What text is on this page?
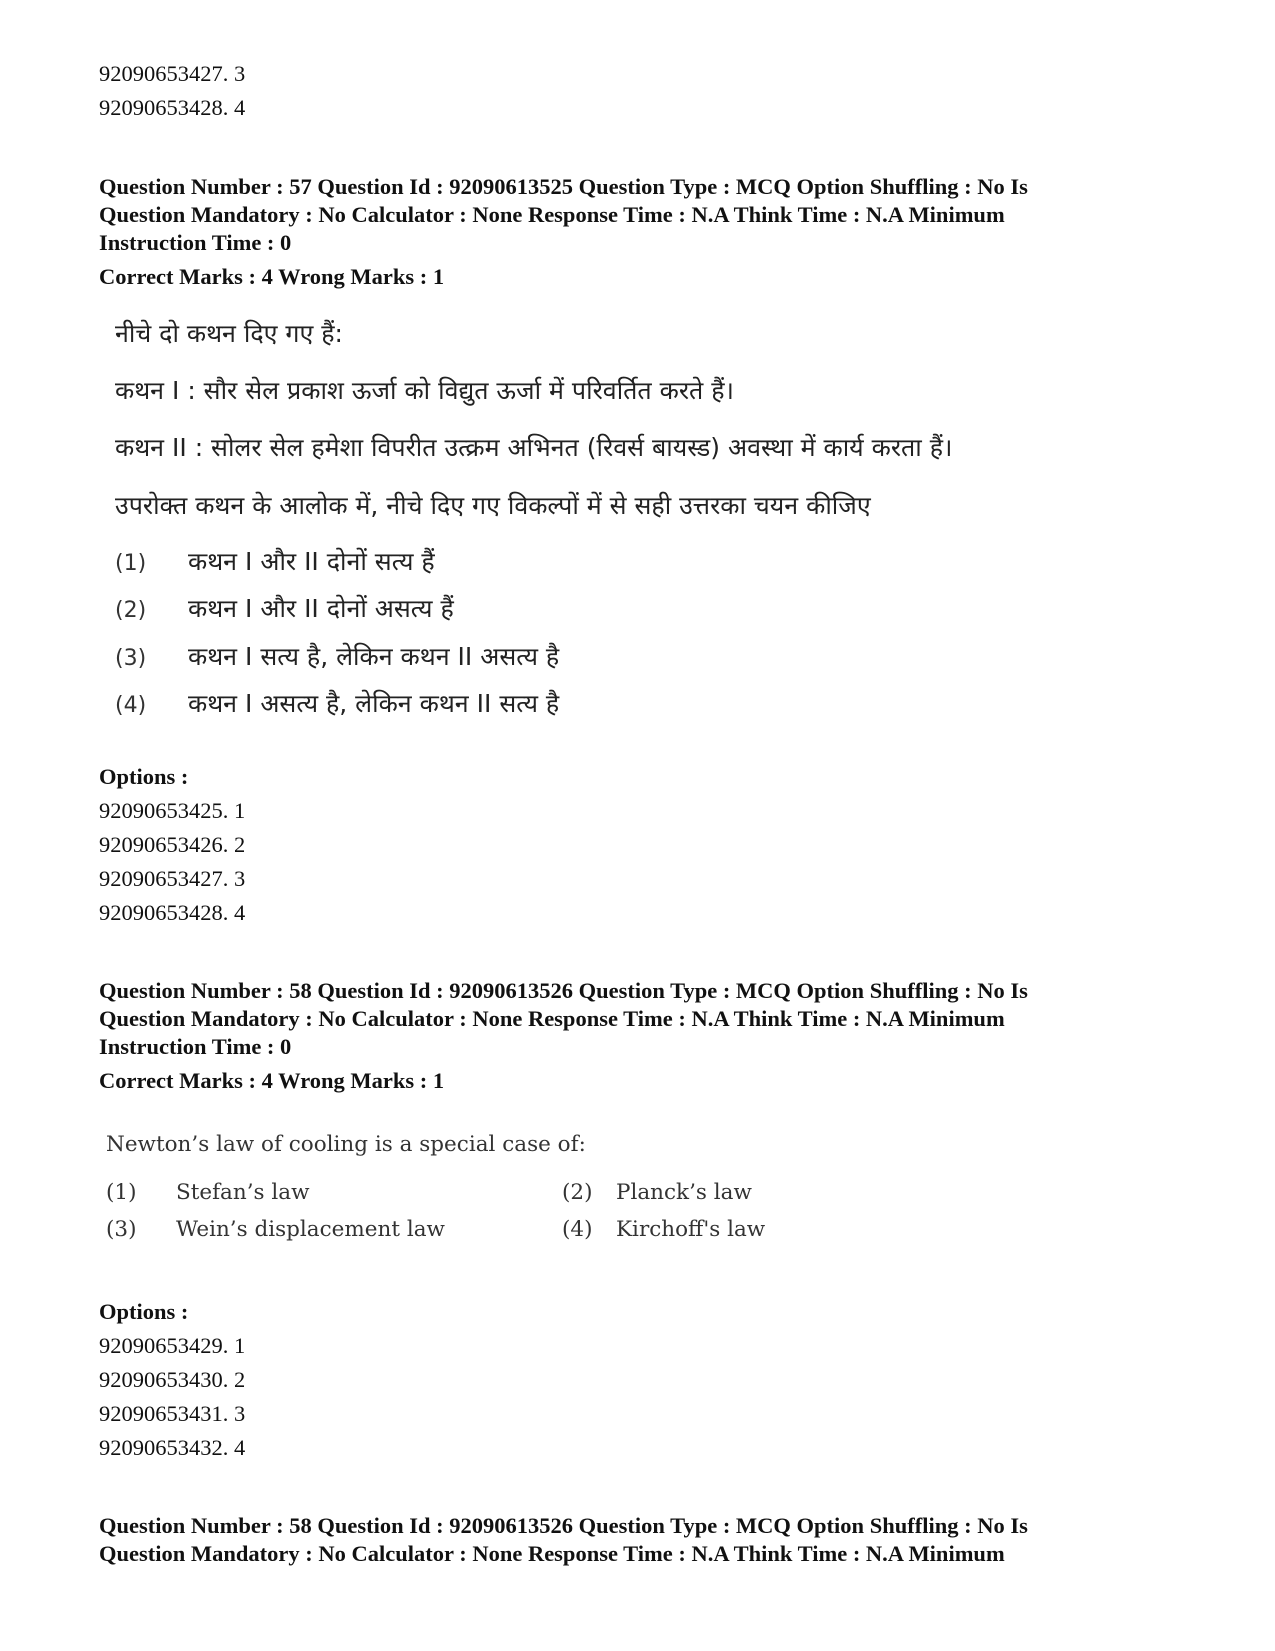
92090653427. 3
92090653428. 4
Question Number : 57 Question Id : 92090613525 Question Type : MCQ Option Shuffling : No Is
Question Mandatory : No Calculator : None Response Time : N.A Think Time : N.A Minimum
Instruction Time : 0
Correct Marks : 4 Wrong Marks : 1
नीचे दो कथन दिए गए हैं:
कथन I : सौर सेल प्रकाश ऊर्जा को विद्युत ऊर्जा में परिवर्तित करते हैं।
कथन II : सोलर सेल हमेशा विपरीत उत्क्रम अभिनत (रिवर्स बायस्ड) अवस्था में कार्य करता हैं।
उपरोक्त कथन के आलोक में, नीचे दिए गए विकल्पों में से सही उत्तरका चयन कीजिए
(1) कथन I और II दोनों सत्य हैं
(2) कथन I और II दोनों असत्य हैं
(3) कथन I सत्य है, लेकिन कथन II असत्य है
(4) कथन I असत्य है, लेकिन कथन II सत्य है
Options :
92090653425. 1
92090653426. 2
92090653427. 3
92090653428. 4
Question Number : 58 Question Id : 92090613526 Question Type : MCQ Option Shuffling : No Is
Question Mandatory : No Calculator : None Response Time : N.A Think Time : N.A Minimum
Instruction Time : 0
Correct Marks : 4 Wrong Marks : 1
Newton’s law of cooling is a special case of:
(1) Stefan’s law	(2) Planck’s law
(3) Wein’s displacement law	(4) Kirchoff's law
Options :
92090653429. 1
92090653430. 2
92090653431. 3
92090653432. 4
Question Number : 58 Question Id : 92090613526 Question Type : MCQ Option Shuffling : No Is
Question Mandatory : No Calculator : None Response Time : N.A Think Time : N.A Minimum
